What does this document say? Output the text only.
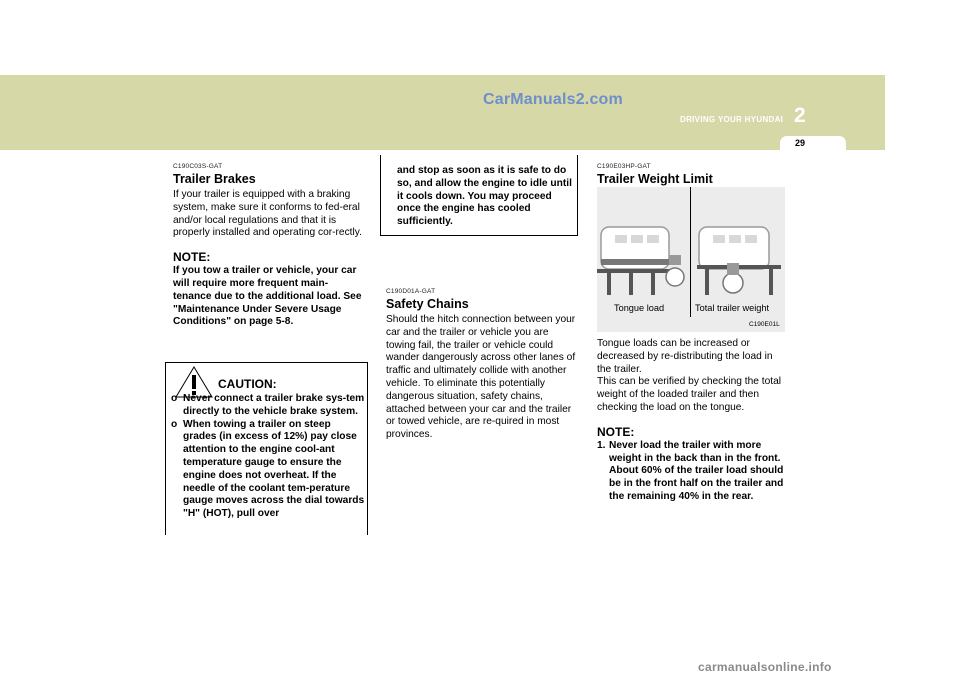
CarManuals2.com
DRIVING YOUR HYUNDAI 2
29
C190C03S-GAT
Trailer Brakes
If your trailer is equipped with a braking system, make sure it conforms to fed-eral and/or local regulations and that it is properly installed and operating cor-rectly.
NOTE:
If you tow a trailer or vehicle, your car will require more frequent main-tenance due to the additional load. See "Maintenance Under Severe Usage Conditions" on page 5-8.
CAUTION:
o Never connect a trailer brake sys-tem directly to the vehicle brake system.
o When towing a trailer on steep grades (in excess of 12%) pay close attention to the engine cool-ant temperature gauge to ensure the engine does not overheat. If the needle of the coolant tem-perature gauge moves across the dial towards "H" (HOT), pull over
and stop as soon as it is safe to do so, and allow the engine to idle until it cools down. You may proceed once the engine has cooled sufficiently.
C190D01A-GAT
Safety Chains
Should the hitch connection between your car and the trailer or vehicle you are towing fail, the trailer or vehicle could wander dangerously across other lanes of traffic and ultimately collide with another vehicle. To eliminate this potentially dangerous situation, safety chains, attached between your car and the trailer or towed vehicle, are re-quired in most provinces.
C190E03HP-GAT
Trailer Weight Limit
Tongue load	Total trailer weight
C190E01L
Tongue loads can be increased or decreased by re-distributing the load in the trailer.
This can be verified by checking the total weight of the loaded trailer and then checking the load on the tongue.
NOTE:
1. Never load the trailer with more weight in the back than in the front. About 60% of the trailer load should be in the front half on the trailer and the remaining 40% in the rear.
carmanualsonline.info
